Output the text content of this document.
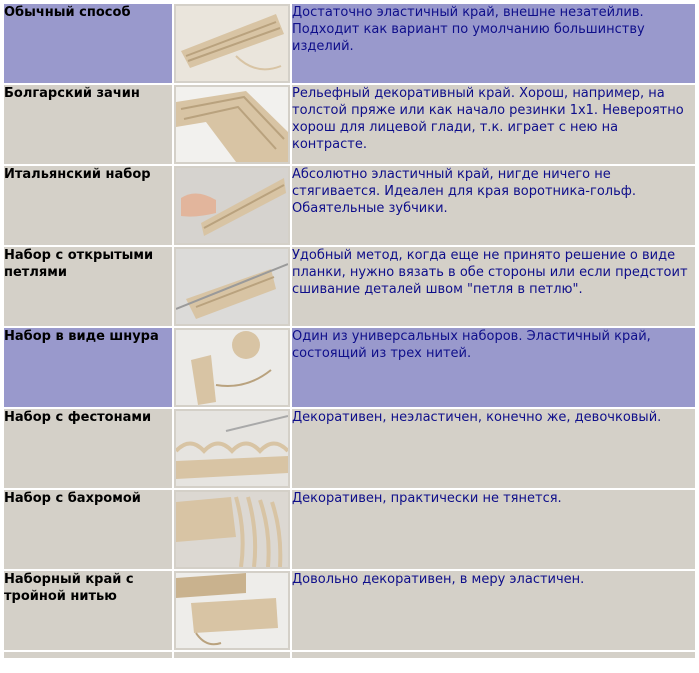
Обычный способ		Достаточно эластичный край, внешне незатейлив. Подходит как вариант по умолчанию большинству изделий.
Болгарский зачин		Рельефный декоративный край. Хорош, например, на толстой пряже или как начало резинки 1х1. Невероятно хорош для лицевой глади, т.к. играет с нею на контрасте.
Итальянский набор		Абсолютно эластичный край, нигде ничего не стягивается. Идеален для края воротника-гольф. Обаятельные зубчики.
Набор с открытыми петлями		Удобный метод, когда еще не принято решение о виде планки, нужно вязать в обе стороны или если предстоит сшивание деталей швом "петля в петлю".
Набор в виде шнура		Один из универсальных наборов. Эластичный край, состоящий из трех нитей.
Набор с фестонами		Декоративен, неэластичен, конечно же, девочковый.
Набор с бахромой		Декоративен, практически не тянется.
Наборный край с тройной нитью		Довольно декоративен, в меру эластичен.
